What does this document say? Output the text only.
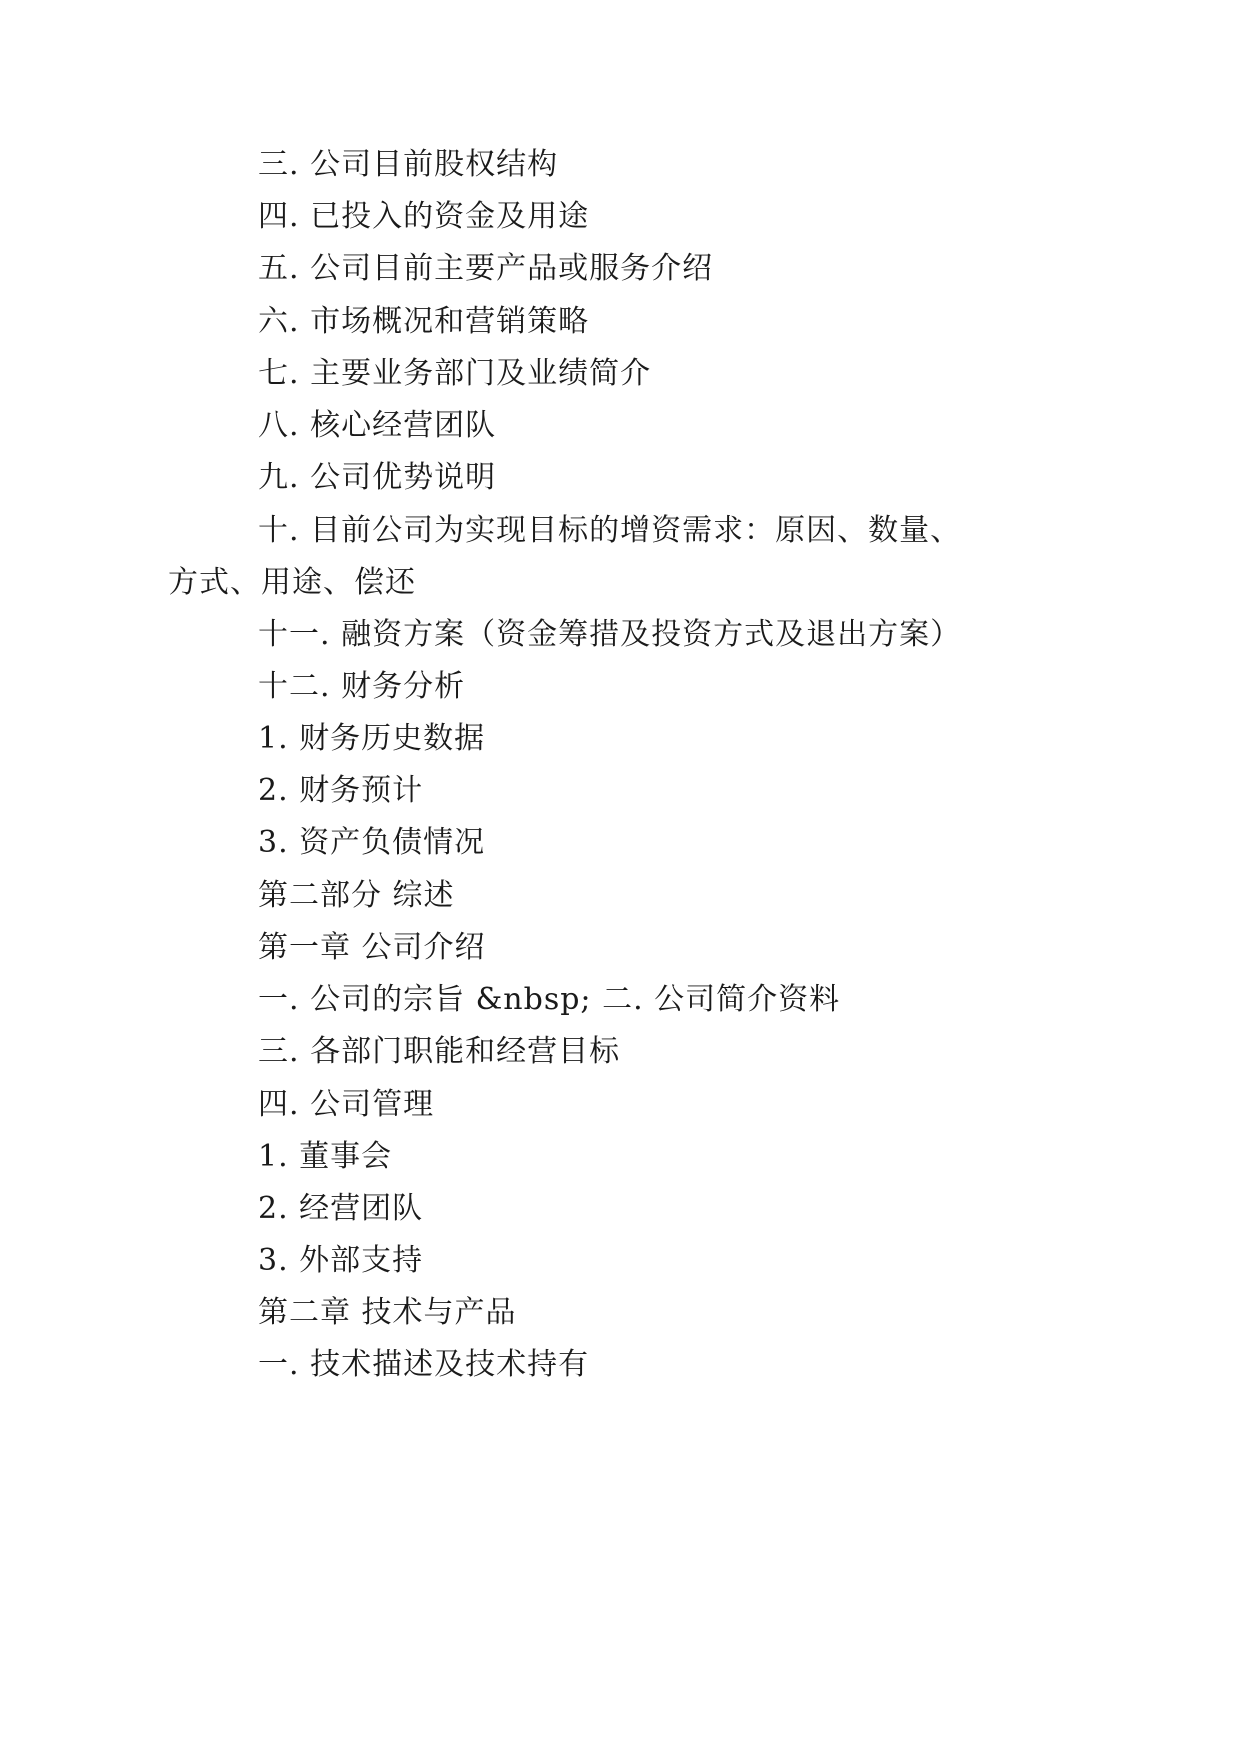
三. 公司目前股权结构
四. 已投入的资金及用途
五. 公司目前主要产品或服务介绍
六. 市场概况和营销策略
七. 主要业务部门及业绩简介
八. 核心经营团队
九. 公司优势说明
十. 目前公司为实现目标的增资需求：原因、数量、
方式、用途、偿还
十一. 融资方案（资金筹措及投资方式及退出方案）
十二. 财务分析
1. 财务历史数据
2. 财务预计
3. 资产负债情况
第二部分 综述
第一章 公司介绍
一. 公司的宗旨 &nbsp; 二. 公司简介资料
三. 各部门职能和经营目标
四. 公司管理
1. 董事会
2. 经营团队
3. 外部支持
第二章 技术与产品
一. 技术描述及技术持有
